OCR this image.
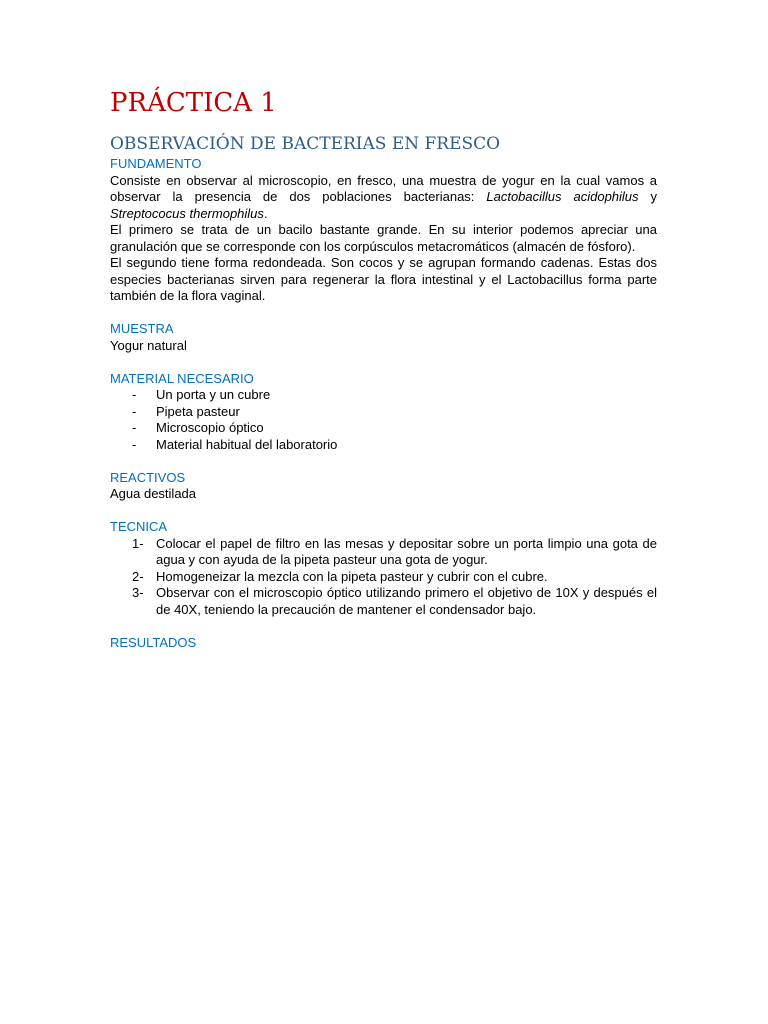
PRÁCTICA 1
OBSERVACIÓN DE BACTERIAS EN FRESCO
FUNDAMENTO

Consiste en observar al microscopio, en fresco, una muestra de yogur en la cual vamos a observar la presencia de dos poblaciones bacterianas: Lactobacillus acidophilus y Streptococus thermophilus.

El primero se trata de un bacilo bastante grande. En su interior podemos apreciar una granulación que se corresponde con los corpúsculos metacromáticos (almacén de fósforo).

El segundo tiene forma redondeada. Son cocos y se agrupan formando cadenas. Estas dos especies bacterianas sirven para regenerar la flora intestinal y el Lactobacillus forma parte también de la flora vaginal.

MUESTRA

Yogur natural

MATERIAL NECESARIO
- Un porta y un cubre
- Pipeta pasteur
- Microscopio óptico
- Material habitual del laboratorio
REACTIVOS

Agua destilada

TECNICA
1- Colocar el papel de filtro en las mesas y depositar sobre un porta limpio una gota de agua y con ayuda de la pipeta pasteur una gota de yogur.
2- Homogeneizar la mezcla con la pipeta pasteur y cubrir con el cubre.
3- Observar con el microscopio óptico utilizando primero el objetivo de 10X y después el de 40X, teniendo la precaución de mantener el condensador bajo.
RESULTADOS
